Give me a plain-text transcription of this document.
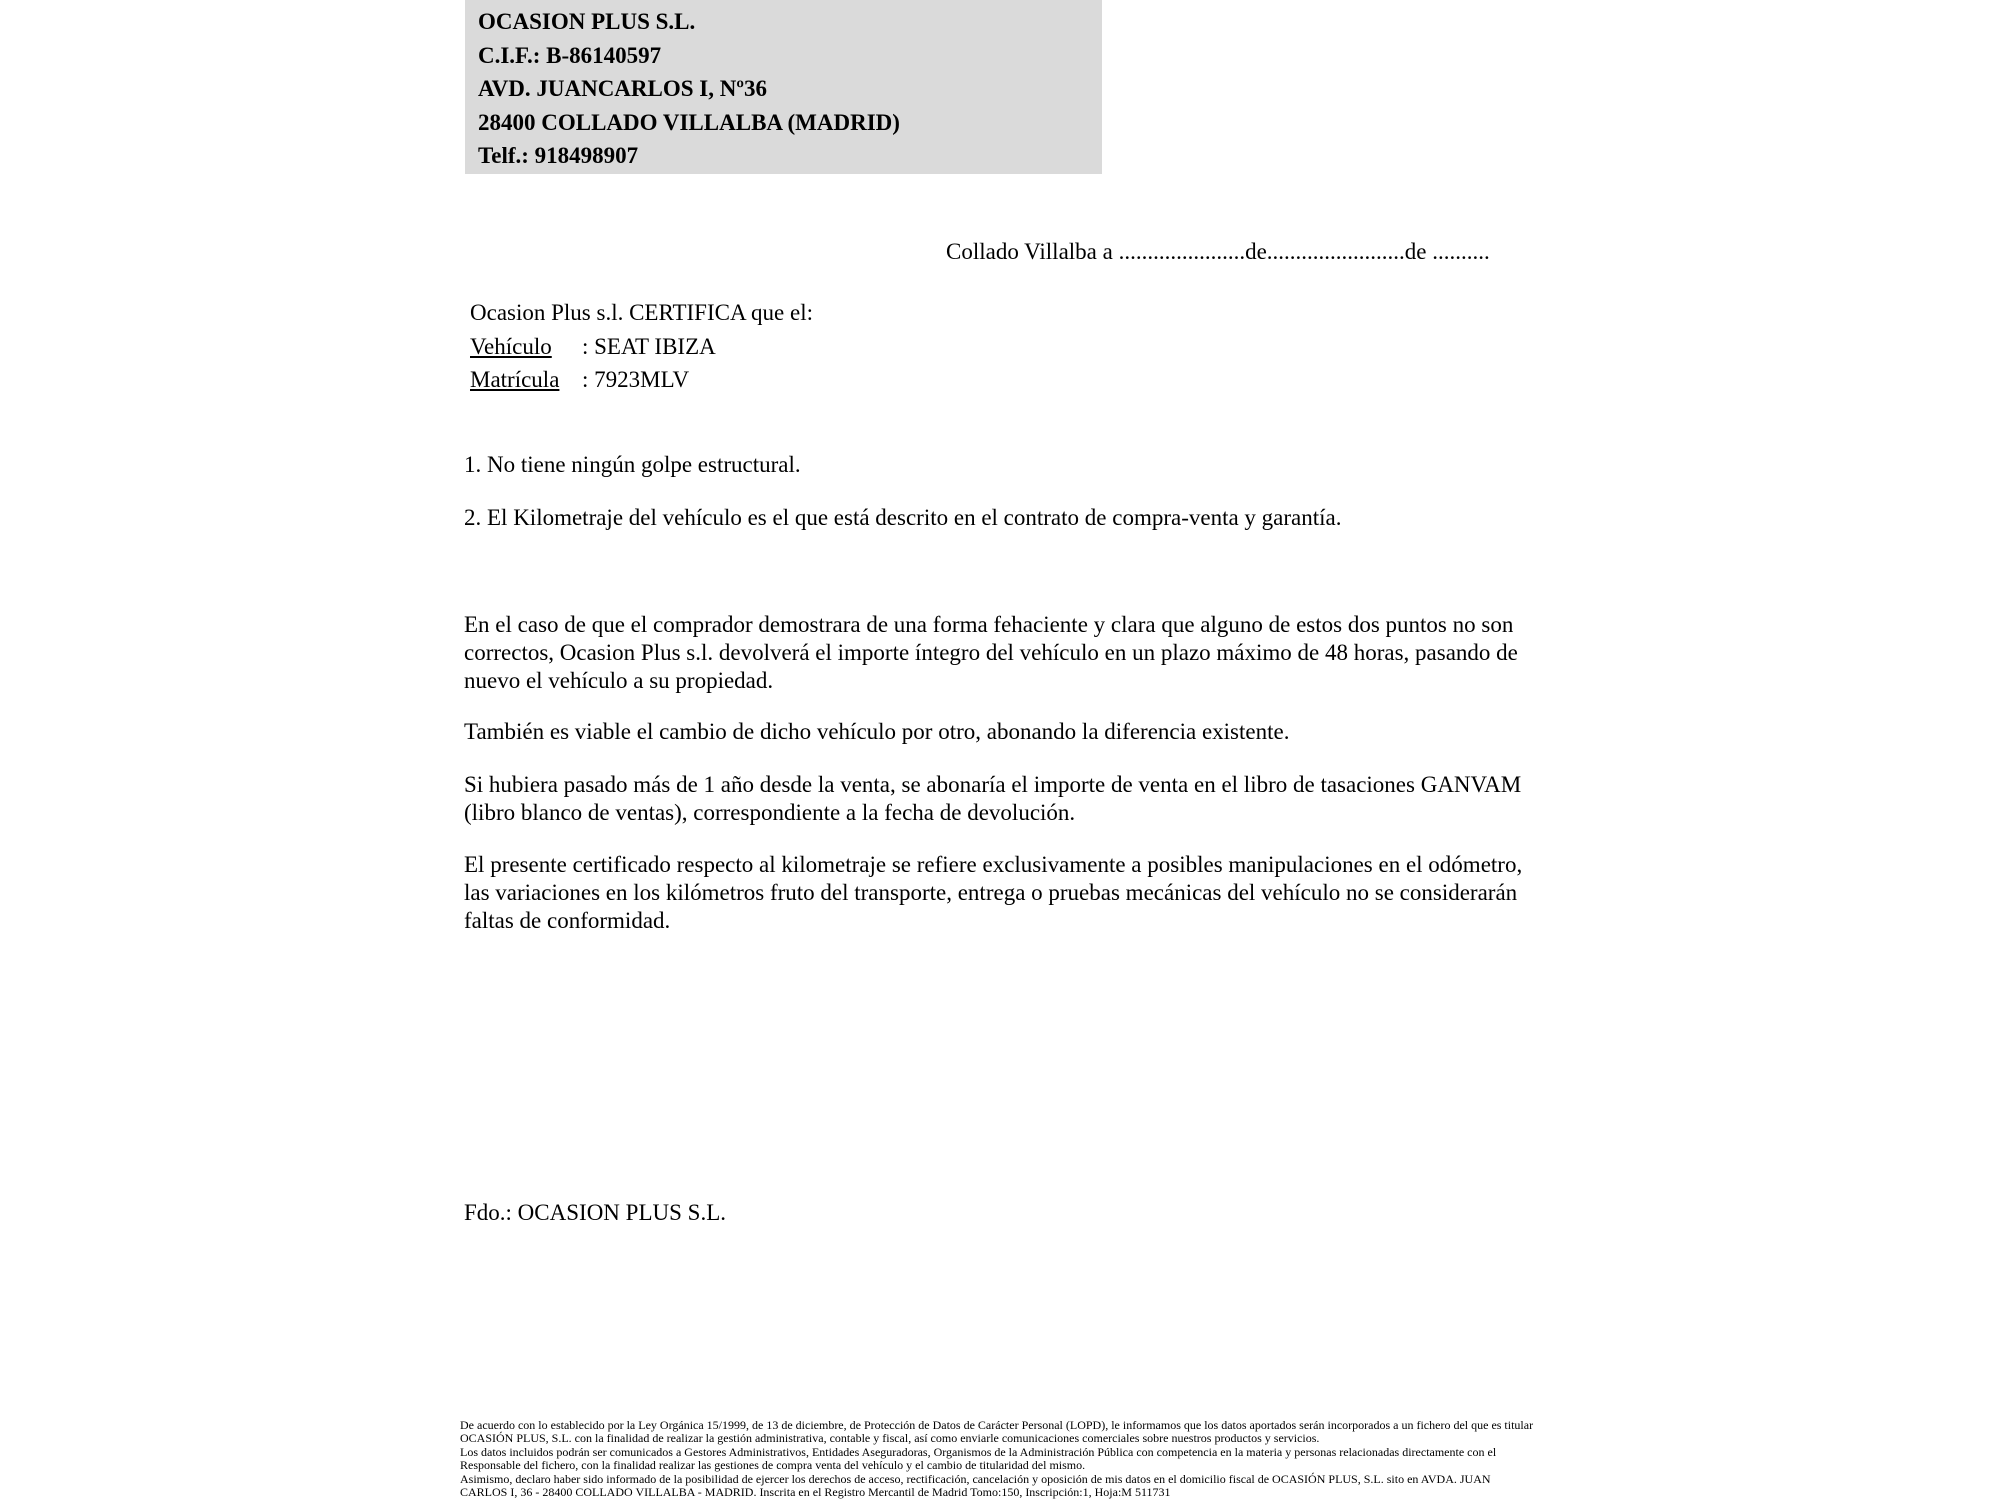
OCASION PLUS S.L.
C.I.F.: B-86140597
AVD. JUANCARLOS I, Nº36
28400 COLLADO VILLALBA (MADRID)
Telf.: 918498907
Collado Villalba a ......................de........................de ..........
Ocasion Plus s.l. CERTIFICA que el:
Vehículo : SEAT IBIZA
Matrícula : 7923MLV
1. No tiene ningún golpe estructural.
2. El Kilometraje del vehículo es el que está descrito en el contrato de compra-venta y garantía.
En el caso de que el comprador demostrara de una forma fehaciente y clara que alguno de estos dos puntos no son correctos, Ocasion Plus s.l. devolverá el importe íntegro del vehículo en un plazo máximo de 48 horas, pasando de nuevo el vehículo a su propiedad.
También es viable el cambio de dicho vehículo por otro, abonando la diferencia existente.
Si hubiera pasado más de 1 año desde la venta, se abonaría el importe de venta en el libro de tasaciones GANVAM (libro blanco de ventas), correspondiente a la fecha de devolución.
El presente certificado respecto al kilometraje se refiere exclusivamente a posibles manipulaciones en el odómetro, las variaciones en los kilómetros fruto del transporte, entrega o pruebas mecánicas del vehículo no se considerarán faltas de conformidad.
Fdo.: OCASION PLUS S.L.
De acuerdo con lo establecido por la Ley Orgánica 15/1999, de 13 de diciembre, de Protección de Datos de Carácter Personal (LOPD), le informamos que los datos aportados serán incorporados a un fichero del que es titular
OCASIÓN PLUS, S.L. con la finalidad de realizar la gestión administrativa, contable y fiscal, así como enviarle comunicaciones comerciales sobre nuestros productos y servicios.
Los datos incluidos podrán ser comunicados a Gestores Administrativos, Entidades Aseguradoras, Organismos de la Administración Pública con competencia en la materia y personas relacionadas directamente con el
Responsable del fichero, con la finalidad realizar las gestiones de compra venta del vehículo y el cambio de titularidad del mismo.
Asimismo, declaro haber sido informado de la posibilidad de ejercer los derechos de acceso, rectificación, cancelación y oposición de mis datos en el domicilio fiscal de OCASIÓN PLUS, S.L. sito en AVDA. JUAN
CARLOS I, 36 - 28400 COLLADO VILLALBA - MADRID. Inscrita en el Registro Mercantil de Madrid Tomo:150, Inscripción:1, Hoja:M 511731
